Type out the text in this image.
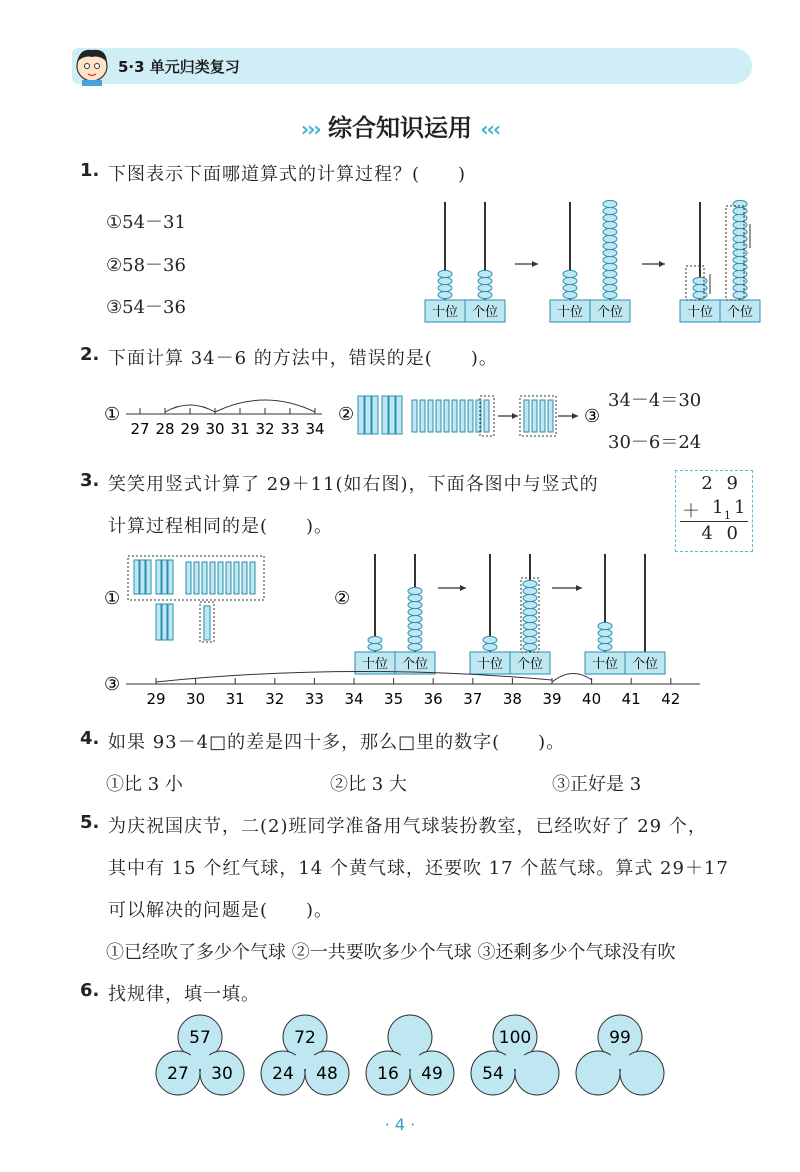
5·3 单元归类复习
››› 综合知识运用 ‹‹‹
1. 下图表示下面哪道算式的计算过程？(　　)
①54－31
②58－36
③54－36	十位 个位	十位 个位	十位 个位
2. 下面计算 34－6 的方法中，错误的是(　　)。
①
27 28 29 30 31 32 33 34
②	③
34－4＝30
30－6＝24
3. 笑笑用竖式计算了 29＋11(如右图)，下面各图中与竖式的
计算过程相同的是(　　)。
2 9
＋ 1 1 1
4 0
①	②
十位 个位	十位 个位	十位 个位
③
29 30 31 32 33 34 35 36 37 38 39 40 41 42
4. 如果 93－4□的差是四十多，那么□里的数字(　　)。
①比 3 小	②比 3 大	③正好是 3
5. 为庆祝国庆节，二(2)班同学准备用气球装扮教室，已经吹好了 29 个，
其中有 15 个红气球，14 个黄气球，还要吹 17 个蓝气球。算式 29＋17
可以解决的问题是(　　)。
①已经吹了多少个气球 ②一共要吹多少个气球 ③还剩多少个气球没有吹
6. 找规律，填一填。
57
27 30
72
24 48 16 49
100
54
99
· 4 ·
